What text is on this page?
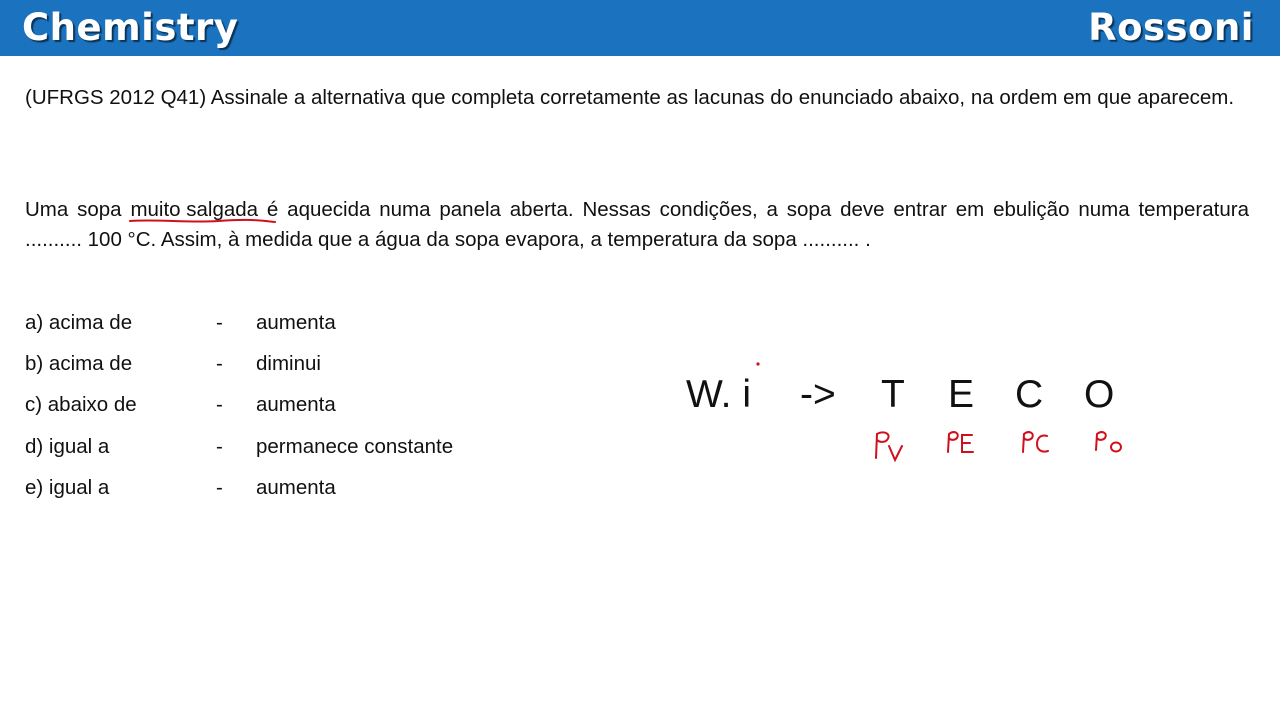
Chemistry	Rossoni
(UFRGS 2012 Q41) Assinale a alternativa que completa corretamente as lacunas do enunciado abaixo, na ordem em que aparecem.
Uma sopa muito salgada
é aquecida numa panela aberta. Nessas condições, a sopa deve entrar em ebulição numa temperatura .......... 100 °C. Assim, à medida que a água da sopa evapora, a temperatura da sopa .......... .
a) acima de	- aumenta
b) acima de	- diminui
c) abaixo de	- aumenta
d) igual a	- permanece constante
e) igual a	- aumenta
W. i -> T E C O
